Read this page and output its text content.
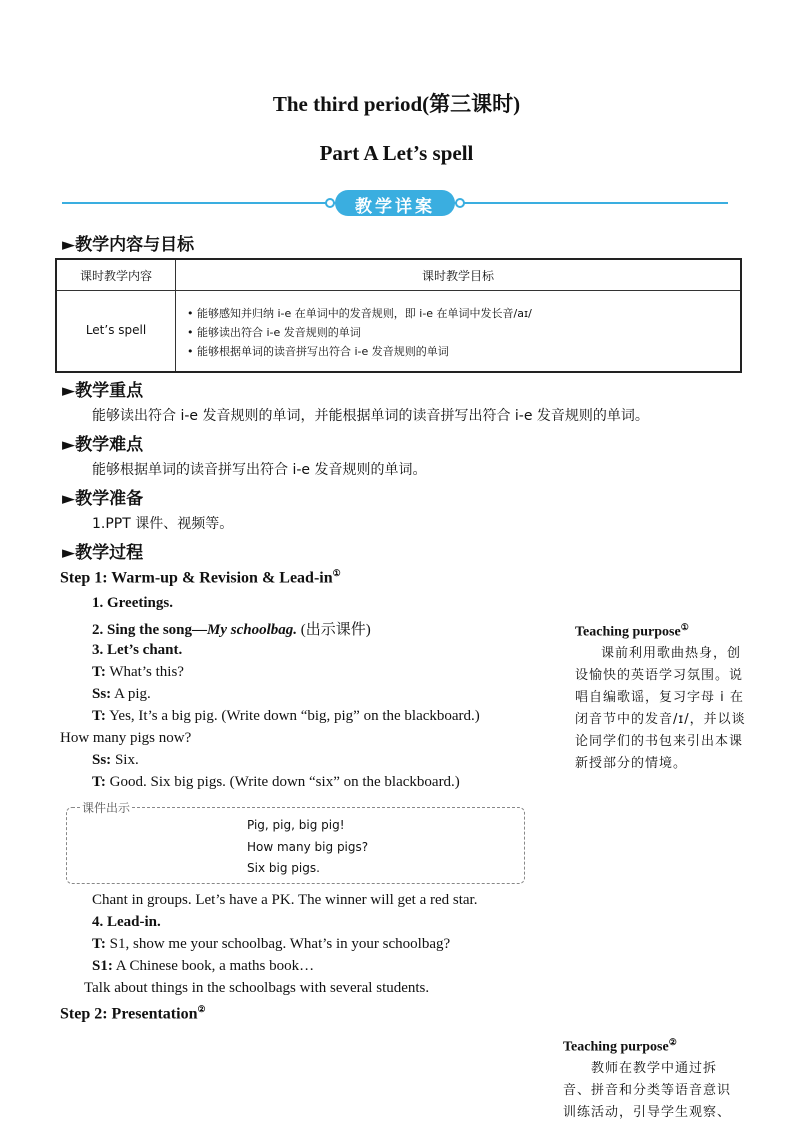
The third period(第三课时)
Part A Let’s spell
教学详案
►教学内容与目标
课时教学内容	课时教学目标
Let’s spell
• 能够感知并归纳 i-e 在单词中的发音规则，即 i-e 在单词中发长音/aɪ/
• 能够读出符合 i-e 发音规则的单词
• 能够根据单词的读音拼写出符合 i-e 发音规则的单词
►教学重点
能够读出符合 i-e 发音规则的单词，并能根据单词的读音拼写出符合 i-e 发音规则的单词。
►教学难点
能够根据单词的读音拼写出符合 i-e 发音规则的单词。
►教学准备
1.PPT 课件、视频等。
►教学过程
Step 1: Warm-up & Revision & Lead-in①
1. Greetings.
2. Sing the song—My schoolbag. (出示课件)
3. Let’s chant.
T: What’s this?
Ss: A pig.
T: Yes, It’s a big pig. (Write down “big, pig” on the blackboard.)
How many pigs now?
Ss: Six.
T: Good. Six big pigs. (Write down “six” on the blackboard.)
课件出示
Pig, pig, big pig!
How many big pigs?
Six big pigs.
Chant in groups. Let’s have a PK. The winner will get a red star.
4. Lead-in.
T: S1, show me your schoolbag. What’s in your schoolbag?
S1: A Chinese book, a maths book…
Talk about things in the schoolbags with several students.
Step 2: Presentation②
Teaching purpose①
课前利用歌曲热身，创
设愉快的英语学习氛围。说
唱自编歌谣，复习字母 i 在
闭音节中的发音/ɪ/，并以谈
论同学们的书包来引出本课
新授部分的情境。
Teaching purpose②
教师在教学中通过拆
音、拼音和分类等语音意识
训练活动，引导学生观察、
